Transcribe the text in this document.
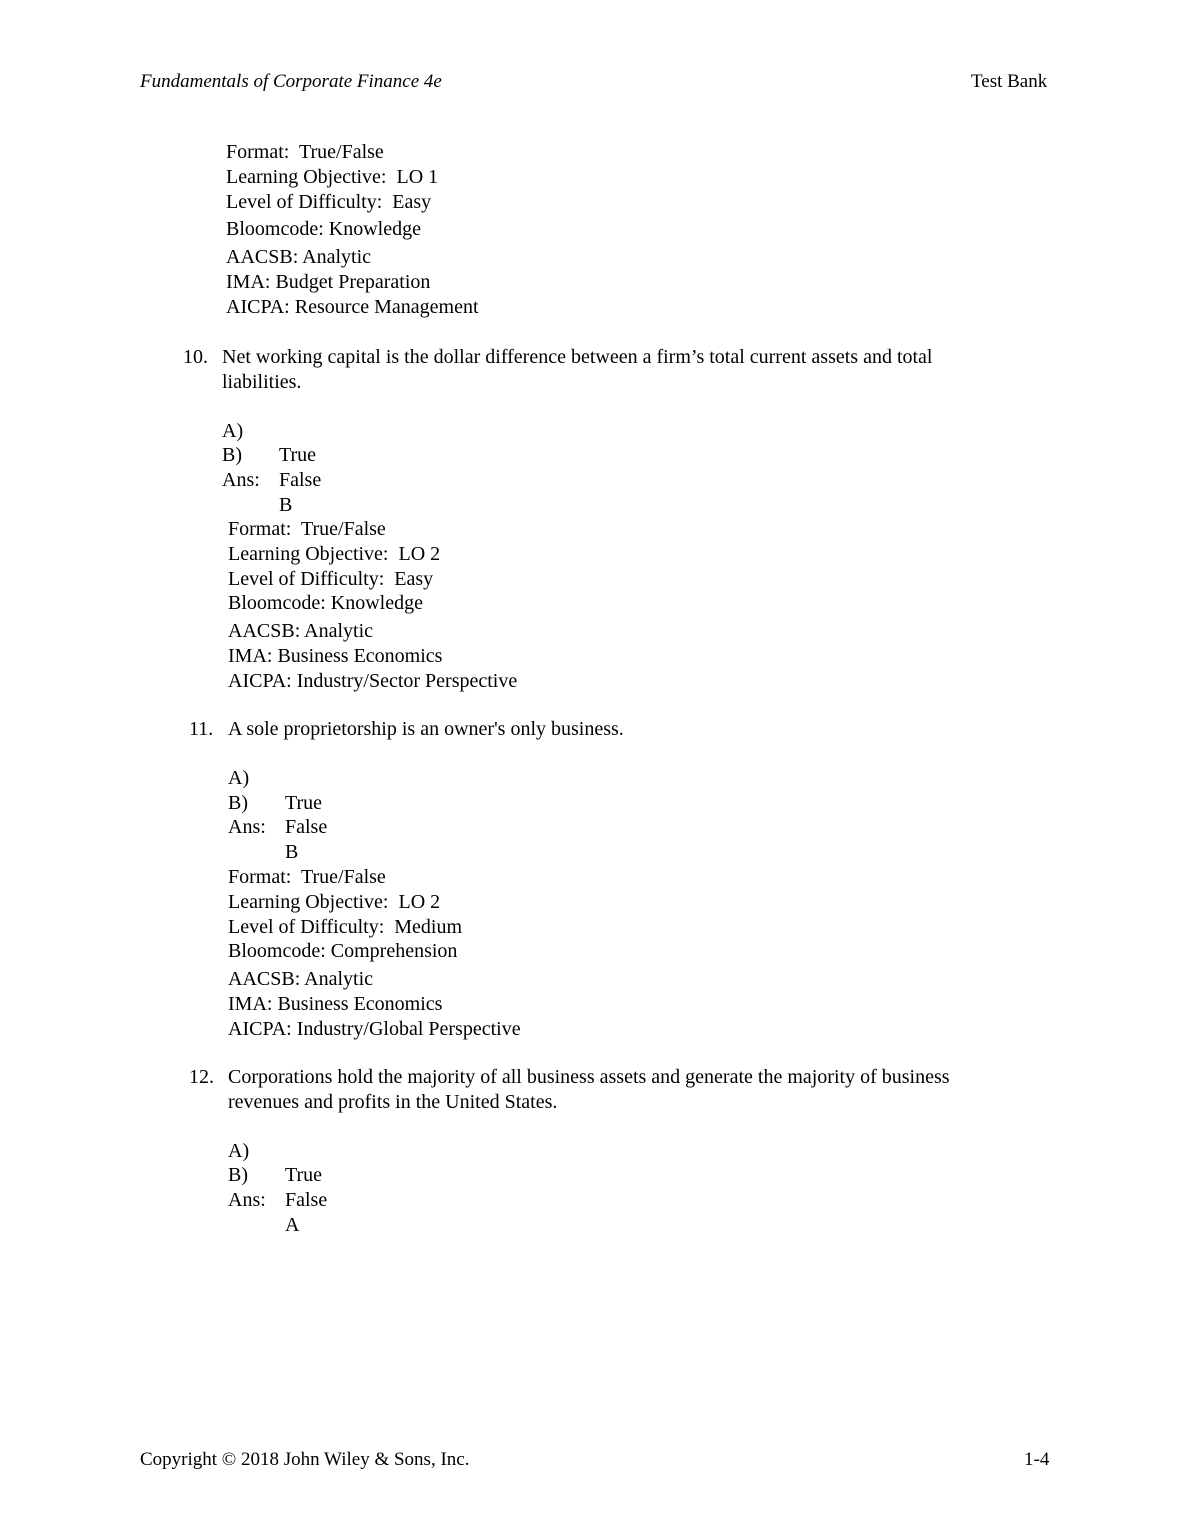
Fundamentals of Corporate Finance 4e	Test Bank
Format:  True/False
Learning Objective:  LO 1
Level of Difficulty:  Easy
Bloomcode: Knowledge
AACSB: Analytic
IMA: Budget Preparation
AICPA: Resource Management
10. Net working capital is the dollar difference between a firm’s total current assets and total
liabilities.

A)

True

B)

False

Ans:

B

Format:  True/False
Learning Objective:  LO 2
Level of Difficulty:  Easy
Bloomcode: Knowledge
AACSB: Analytic
IMA: Business Economics
AICPA: Industry/Sector Perspective
11. A sole proprietorship is an owner's only business.

A)

True

B)

False

Ans:

B

Format:  True/False
Learning Objective:  LO 2
Level of Difficulty:  Medium
Bloomcode: Comprehension
AACSB: Analytic
IMA: Business Economics
AICPA: Industry/Global Perspective
12. Corporations hold the majority of all business assets and generate the majority of business
revenues and profits in the United States.

A)

True

B)

False

Ans:

A

Copyright © 2018 John Wiley & Sons, Inc.	1-4
